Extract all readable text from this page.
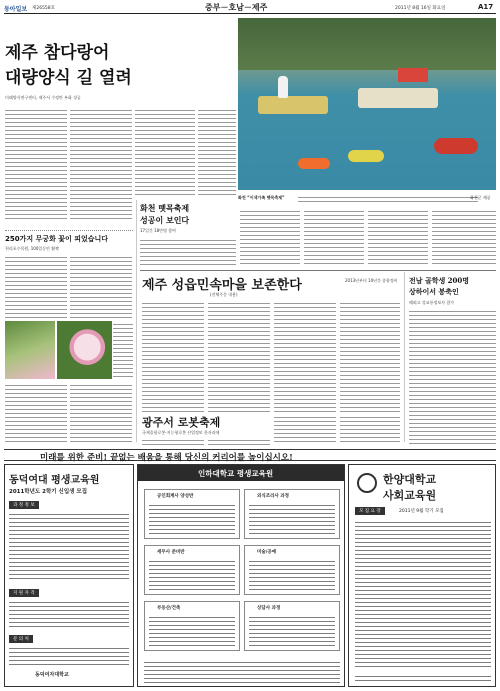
동아일보 제26558호	중부－호남－제주	2011년 8월 16일 화요일	A17
제주 참다랑어
대량양식 길 열려
미래양식연구센터, 제주서 수정란 부화 성공
250가지 무궁화 꽃이 피었습니다
천리포수목원, 100일동안 활짝
화천 “이색가족 뗏목축제”	화천군 제공
화천 뗏목축제
성공이 보인다
17일간 18만명 참여
제주 성읍민속마을 보존한다	2013년부터 10년간 종합정비
(전체주문 내용)
광주서 로봇축제
국제융합로봇-지능형로봇 산업정보 한자리에
전남 골학생 200명
상하이서 봉축인
해외고 성교통정보사 참가
미래를 위한 준비! 끝없는 배움을 통해 당신의 커리어를 높이십시오!
동덕여대 평생교육원
2011학년도 2학기 신입생 모집
과 정 정 보
지 원 자 격
문 의 처
동덕여자대학교
인하대학교 평생교육원
공인회계사 양성반	외식조리사 과정
세무사 준비반	미술/공예
부동산/건축	상담사 과정
한양대학교
사회교육원
모 집 요 강	2011년 9월 학기 모집
